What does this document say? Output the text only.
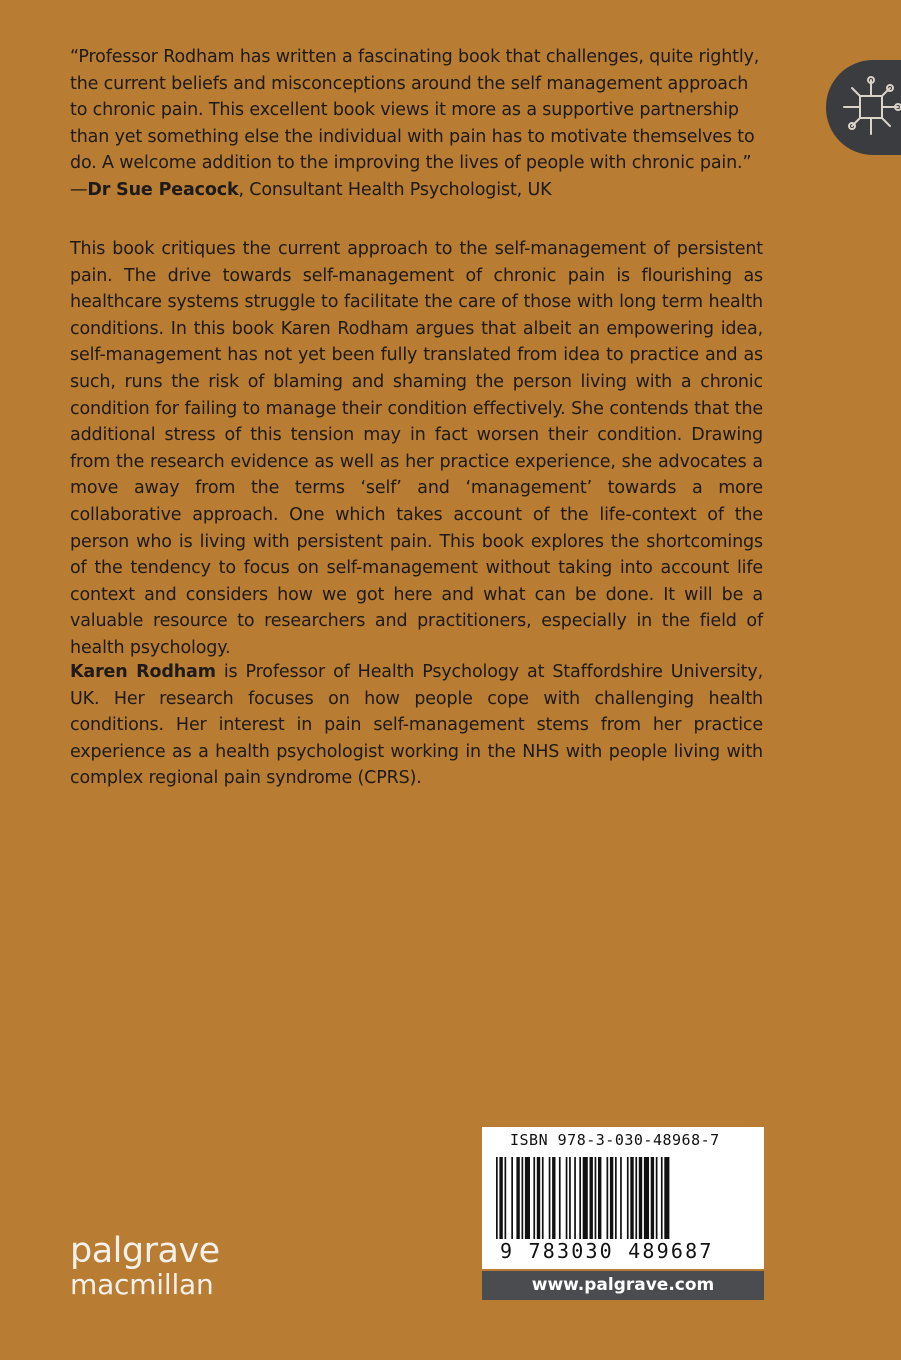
“Professor Rodham has written a fascinating book that challenges, quite rightly, the current beliefs and misconceptions around the self management approach to chronic pain. This excellent book views it more as a supportive partnership than yet something else the individual with pain has to motivate themselves to do. A welcome addition to the improving the lives of people with chronic pain.”
—Dr Sue Peacock, Consultant Health Psychologist, UK
This book critiques the current approach to the self-management of persistent pain. The drive towards self-management of chronic pain is flourishing as healthcare systems struggle to facilitate the care of those with long term health conditions. In this book Karen Rodham argues that albeit an empowering idea, self-management has not yet been fully translated from idea to practice and as such, runs the risk of blaming and shaming the person living with a chronic condition for failing to manage their condition effectively. She contends that the additional stress of this tension may in fact worsen their condition. Drawing from the research evidence as well as her practice experience, she advocates a move away from the terms ‘self’ and ‘management’ towards a more collaborative approach. One which takes account of the life-context of the person who is living with persistent pain. This book explores the shortcomings of the tendency to focus on self-management without taking into account life context and considers how we got here and what can be done. It will be a valuable resource to researchers and practitioners, especially in the field of health psychology.
Karen Rodham is Professor of Health Psychology at Staffordshire University, UK. Her research focuses on how people cope with challenging health conditions. Her interest in pain self-management stems from her practice experience as a health psychologist working in the NHS with people living with complex regional pain syndrome (CPRS).
palgrave
macmillan
ISBN 978-3-030-48968-7
9 783030 489687
www.palgrave.com
